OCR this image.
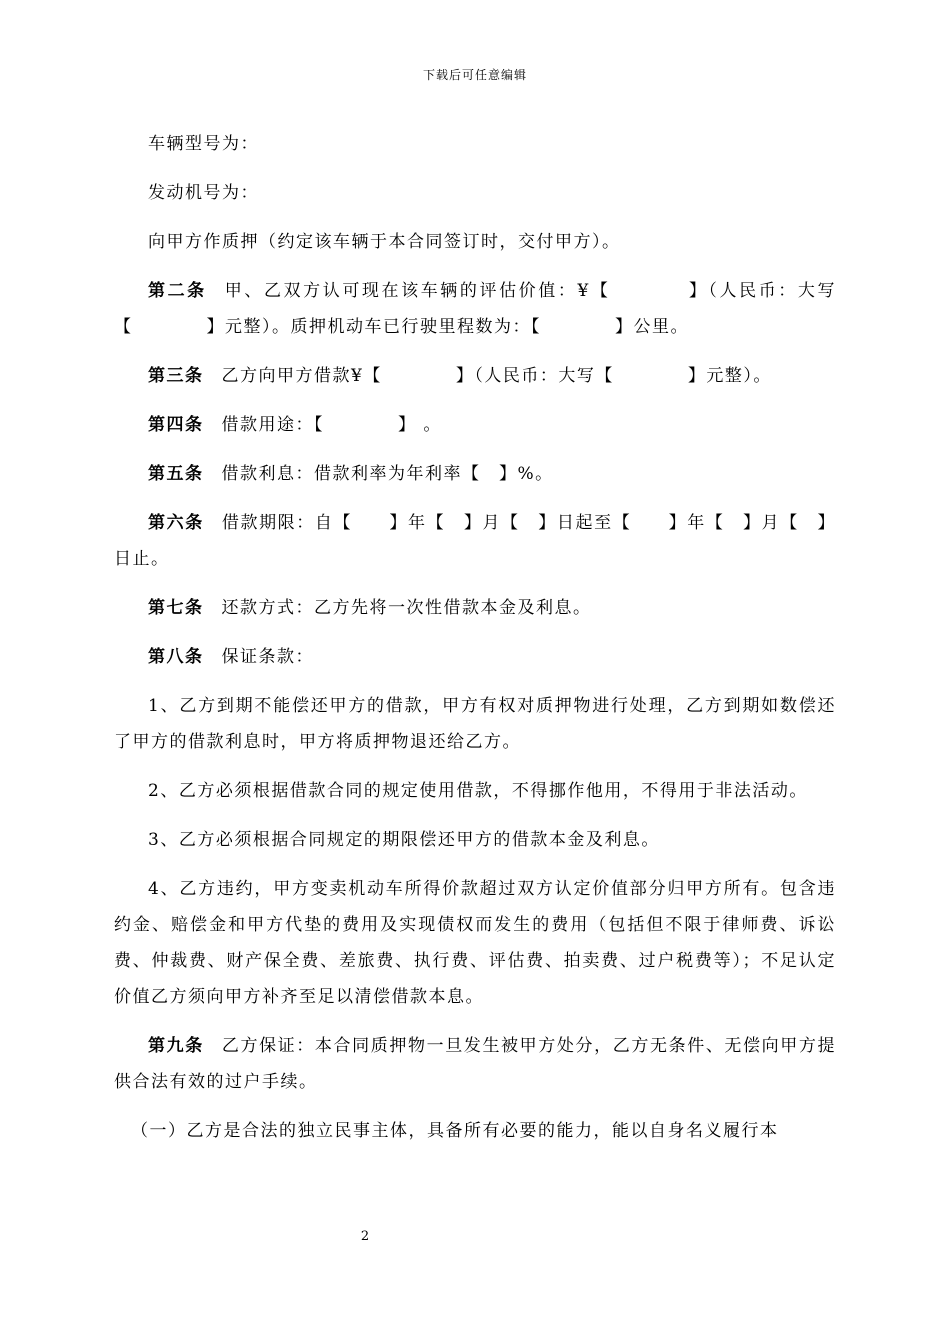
下载后可任意编辑

车辆型号为：

发动机号为：

向甲方作质押（约定该车辆于本合同签订时，交付甲方）。

第二条 甲、乙双方认可现在该车辆的评估价值：¥【　　　　】（人民币：大写【　　　　】元整）。质押机动车已行驶里程数为：【　　　　】公里。

第三条 乙方向甲方借款¥【　　　　】（人民币：大写【　　　　】元整）。

第四条 借款用途：【　　　　】 。

第五条 借款利息：借款利率为年利率【　】%。

第六条 借款期限：自【　　】年【　】月【　】日起至【　　】年【　】月【　】日止。

第七条 还款方式：乙方先将一次性借款本金及利息。

第八条 保证条款：

1、乙方到期不能偿还甲方的借款，甲方有权对质押物进行处理，乙方到期如数偿还了甲方的借款利息时，甲方将质押物退还给乙方。

2、乙方必须根据借款合同的规定使用借款，不得挪作他用，不得用于非法活动。

3、乙方必须根据合同规定的期限偿还甲方的借款本金及利息。

4、乙方违约，甲方变卖机动车所得价款超过双方认定价值部分归甲方所有。包含违约金、赔偿金和甲方代垫的费用及实现债权而发生的费用（包括但不限于律师费、诉讼费、仲裁费、财产保全费、差旅费、执行费、评估费、拍卖费、过户税费等）；不足认定价值乙方须向甲方补齐至足以清偿借款本息。

第九条 乙方保证：本合同质押物一旦发生被甲方处分，乙方无条件、无偿向甲方提供合法有效的过户手续。

（一）乙方是合法的独立民事主体，具备所有必要的能力，能以自身名义履行本

2
